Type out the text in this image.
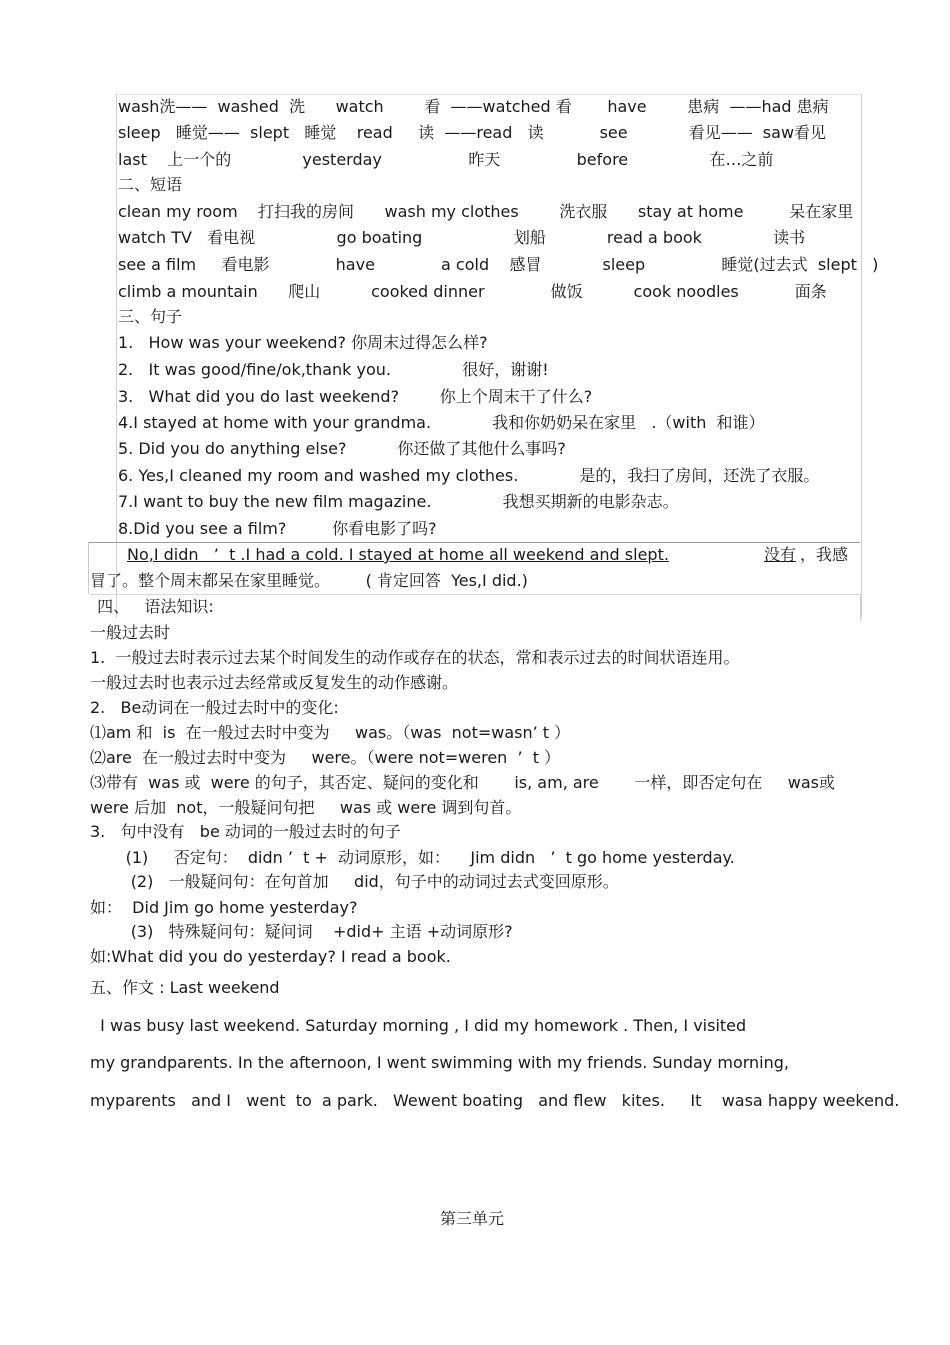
wash洗——  washed  洗      watch        看  ——watched 看       have        患病  ——had 患病
sleep   睡觉——  slept   睡觉    read     读  ——read   读           see            看见——  saw看见
last    上一个的              yesterday                 昨天               before                在…之前
二、短语
clean my room    打扫我的房间      wash my clothes        洗衣服      stay at home         呆在家里
watch TV   看电视                go boating                  划船            read a book              读书
see a film     看电影             have             a cold    感冒            sleep               睡觉(过去式  slept   )
climb a mountain      爬山          cooked dinner             做饭          cook noodles           面条
三、句子
1.   How was your weekend? 你周末过得怎么样?
2.   It was good/fine/ok,thank you.              很好，谢谢!
3.   What did you do last weekend?        你上个周末干了什么?
4.I stayed at home with your grandma.            我和你奶奶呆在家里   .（with  和谁）
5. Did you do anything else?          你还做了其他什么事吗?
6. Yes,I cleaned my room and washed my clothes.            是的，我扫了房间，还洗了衣服。
7.I want to buy the new film magazine.              我想买期新的电影杂志。
8.Did you see a film?         你看电影了吗?
No,I didn   ’  t .I had a cold. I stayed at home all weekend and slept.	没有 ，我感
冒了。整个周末都呆在家里睡觉。       ( 肯定回答  Yes,I did.)
四、   语法知识:
一般过去时
1.  一般过去时表示过去某个时间发生的动作或存在的状态，常和表示过去的时间状语连用。
一般过去时也表示过去经常或反复发生的动作感谢。
2.   Be动词在一般过去时中的变化:
⑴am 和  is  在一般过去时中变为     was。（was  not=wasn’ t ）
⑵are  在一般过去时中变为     were。（were not=weren  ’  t ）
⑶带有  was 或  were 的句子，其否定、疑问的变化和       is, am, are       一样，即否定句在     was或
were 后加  not，一般疑问句把     was 或 were 调到句首。
3.   句中没有   be 动词的一般过去时的句子
(1)     否定句：  didn ’  t +  动词原形，如：    Jim didn   ’  t go home yesterday.
(2)   一般疑问句：在句首加     did，句子中的动词过去式变回原形。
如：  Did Jim go home yesterday?
(3)   特殊疑问句：疑问词    +did+ 主语 +动词原形?
如:What did you do yesterday? I read a book.
五、作文 : Last weekend
I was busy last weekend. Saturday morning , I did my homework . Then, I visited
my grandparents. In the afternoon, I went swimming with my friends. Sunday morning,
myparents   and I   went  to  a park.   Wewent boating   and flew   kites.     It    wasa happy weekend.
第三单元
